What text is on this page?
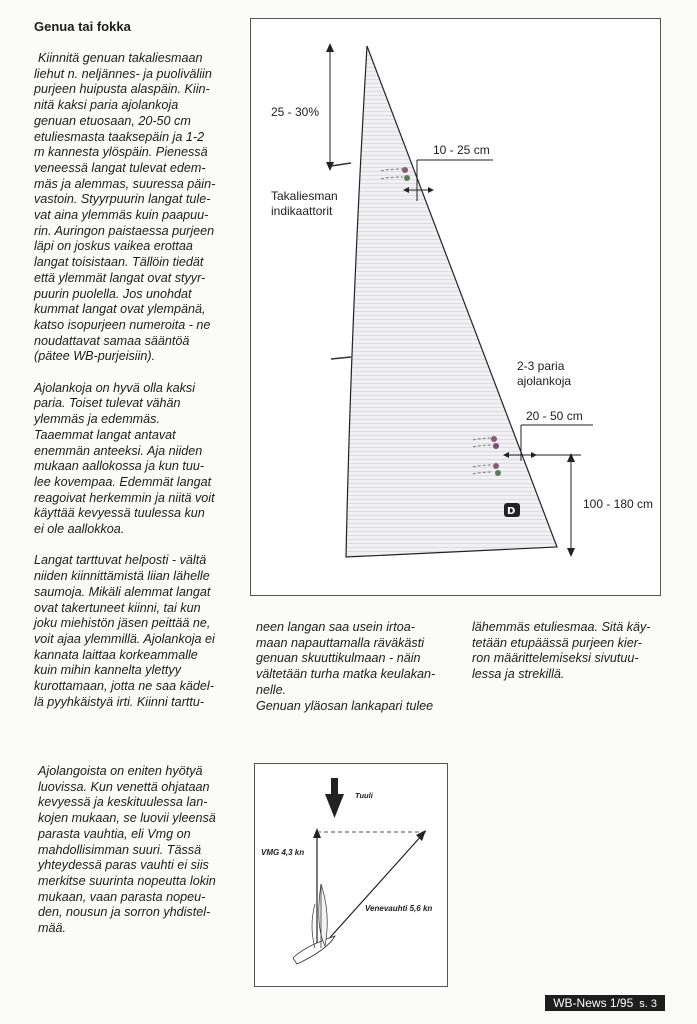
Genua tai fokka

Kiinnitä genuan takaliesmaan
liehut n. neljännes- ja puoliväliin
purjeen huipusta alaspäin. Kiin-
nitä kaksi paria ajolankoja
genuan etuosaan, 20-50 cm
etuliesmasta taaksepäin ja 1-2
m kannesta ylöspäin. Pienessä
veneessä langat tulevat edem-
mäs ja alemmas, suuressa päin-
vastoin. Styyrpuurin langat tule-
vat aina ylemmäs kuin paapuu-
rin. Auringon paistaessa purjeen
läpi on joskus vaikea erottaa
langat toisistaan. Tällöin tiedät
että ylemmät langat ovat styyr-
puurin puolella. Jos unohdat
kummat langat ovat ylempänä,
katso isopurjeen numeroita - ne
noudattavat samaa sääntöä
(pätee WB-purjeisiin).

Ajolankoja on hyvä olla kaksi
paria. Toiset tulevat vähän
ylemmäs ja edemmäs.
Taaemmat langat antavat
enemmän anteeksi. Aja niiden
mukaan aallokossa ja kun tuu-
lee kovempaa. Edemmät langat
reagoivat herkemmin ja niitä voit
käyttää kevyessä tuulessa kun
ei ole aallokkoa.

Langat tarttuvat helposti - vältä
niiden kiinnittämistä liian lähelle
saumoja. Mikäli alemmat langat
ovat takertuneet kiinni, tai kun
joku miehistön jäsen peittää ne,
voit ajaa ylemmillä. Ajolankoja ei
kannata laittaa korkeammalle
kuin mihin kannelta ylettyy
kurottamaan, jotta ne saa kädel-
lä pyyhkäistyä irti. Kiinni tarttu-

neen langan saa usein irtoa-
maan napauttamalla räväkästi
genuan skuuttikulmaan - näin
vältetään turha matka keulakan-
nelle.
Genuan yläosan lankapari tulee

lähemmäs etuliesmaa. Sitä käy-
tetään etupäässä purjeen kier-
ron määrittelemiseksi sivutuu-
lessa ja strekillä.

Ajolangoista on eniten hyötyä
luovissa. Kun venettä ohjataan
kevyessä ja keskituulessa lan-
kojen mukaan, se luovii yleensä
parasta vauhtia, eli Vmg on
mahdollisimman suuri. Tässä
yhteydessä paras vauhti ei siis
merkitse suurinta nopeutta lokin
mukaan, vaan parasta nopeu-
den, nousun ja sorron yhdistel-
mää.

D
25 - 30%
10 - 25 cm
Takaliesman
indikaattorit
2-3 paria
ajolankoja
20 - 50 cm
100 - 180 cm
Tuuli
VMG 4,3 kn
Venevauhti 5,6 kn
WB-News 1/95 s. 3
